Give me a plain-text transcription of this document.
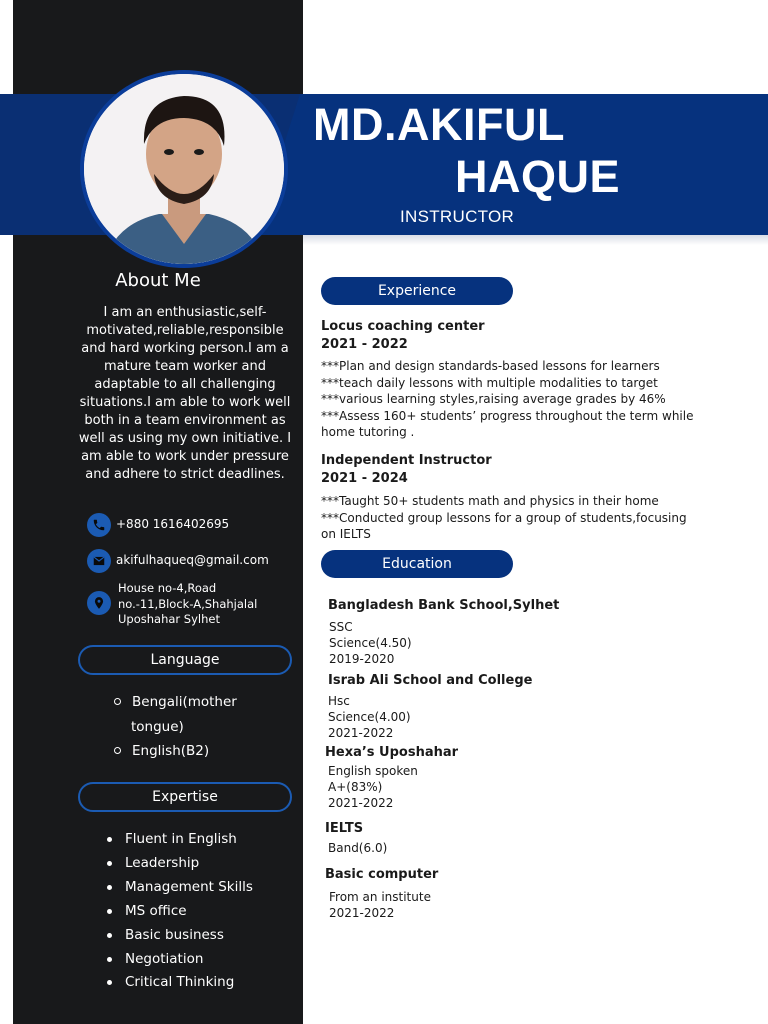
MD.AKIFUL
HAQUE
INSTRUCTOR
About Me
I am an enthusiastic,self-motivated,reliable,responsible and hard working person.I am a mature team worker and adaptable to all challenging situations.I am able to work well both in a team environment as well as using my own initiative. I am able to work under pressure and adhere to strict deadlines.
+880 1616402695
akifulhaqueq@gmail.com
House no-4,Road
no.-11,Block-A,Shahjalal
Uposhahar Sylhet
Language
Bengali(mother
tongue)
English(B2)
Expertise
Fluent in English
Leadership
Management Skills
MS office
Basic business
Negotiation
Critical Thinking
Experience
Locus coaching center
2021 - 2022
***Plan and design standards-based lessons for learners
***teach daily lessons with multiple modalities to target
***various learning styles,raising average grades by 46%
***Assess 160+ students’ progress throughout the term while
home tutoring .
Independent Instructor
2021 - 2024
***Taught 50+ students math and physics in their home
***Conducted group lessons for a group of students,focusing
on IELTS
Education
Bangladesh Bank School,Sylhet
SSC
Science(4.50)
2019-2020
Israb Ali School and College
Hsc
Science(4.00)
2021-2022
Hexa’s Uposhahar
English spoken
A+(83%)
2021-2022
IELTS
Band(6.0)
Basic computer
From an institute
2021-2022
